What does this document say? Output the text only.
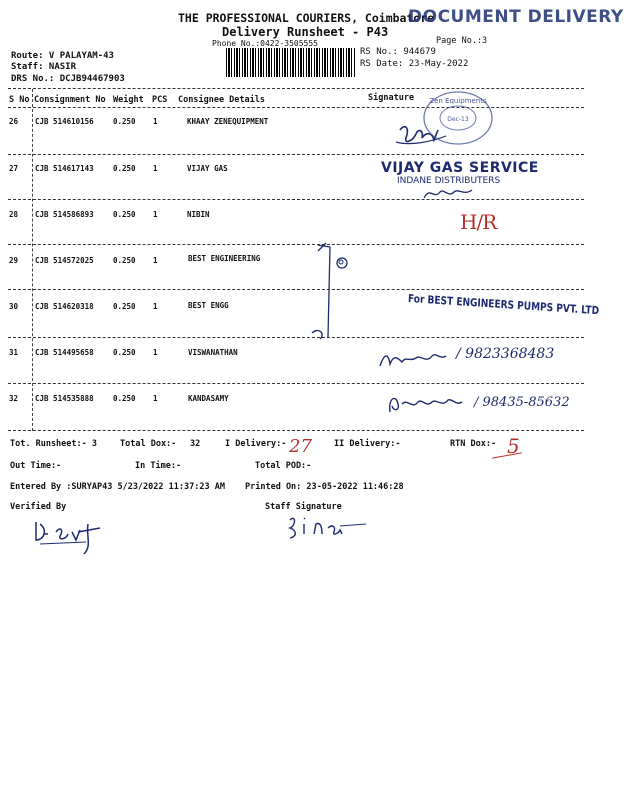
THE PROFESSIONAL COURIERS, Coimbatore
Delivery Runsheet - P43
Phone No.:0422-3505555
DOCUMENT DELIVERY
Page No.:3
Route: V PALAYAM-43
Staff: NASIR
DRS No.: DCJB94467903
RS No.: 944679
RS Date: 23-May-2022
S No Consignment No Weight PCS Consignee Details	Signature
26 CJB 514610156	0.250 1	KHAAY ZENEQUIPMENT
27 CJB 514617143	0.250 1	VIJAY GAS
28 CJB 514586893	0.250 1	NIBIN
29 CJB 514572025	0.250 1	BEST ENGINEERING
30 CJB 514620318	0.250 1	BEST ENGG
31 CJB 514495658	0.250 1	VISWANATHAN
32 CJB 514535888	0.250 1	KANDASAMY
Zen Equipments
Dec-13
VIJAY GAS SERVICE
INDANE DISTRIBUTERS
H/R
For BEST ENGINEERS PUMPS PVT. LTD
/ 9823368483
/ 98435-85632
Tot. Runsheet:- 3	Total Dox:- 32	I Delivery:- 27	II Delivery:-	RTN Dox:- 5
Out Time:-	In Time:-	Total POD:-
Entered By :SURYAP43 5/23/2022 11:37:23 AM Printed On: 23-05-2022 11:46:28
Verified By	Staff Signature
